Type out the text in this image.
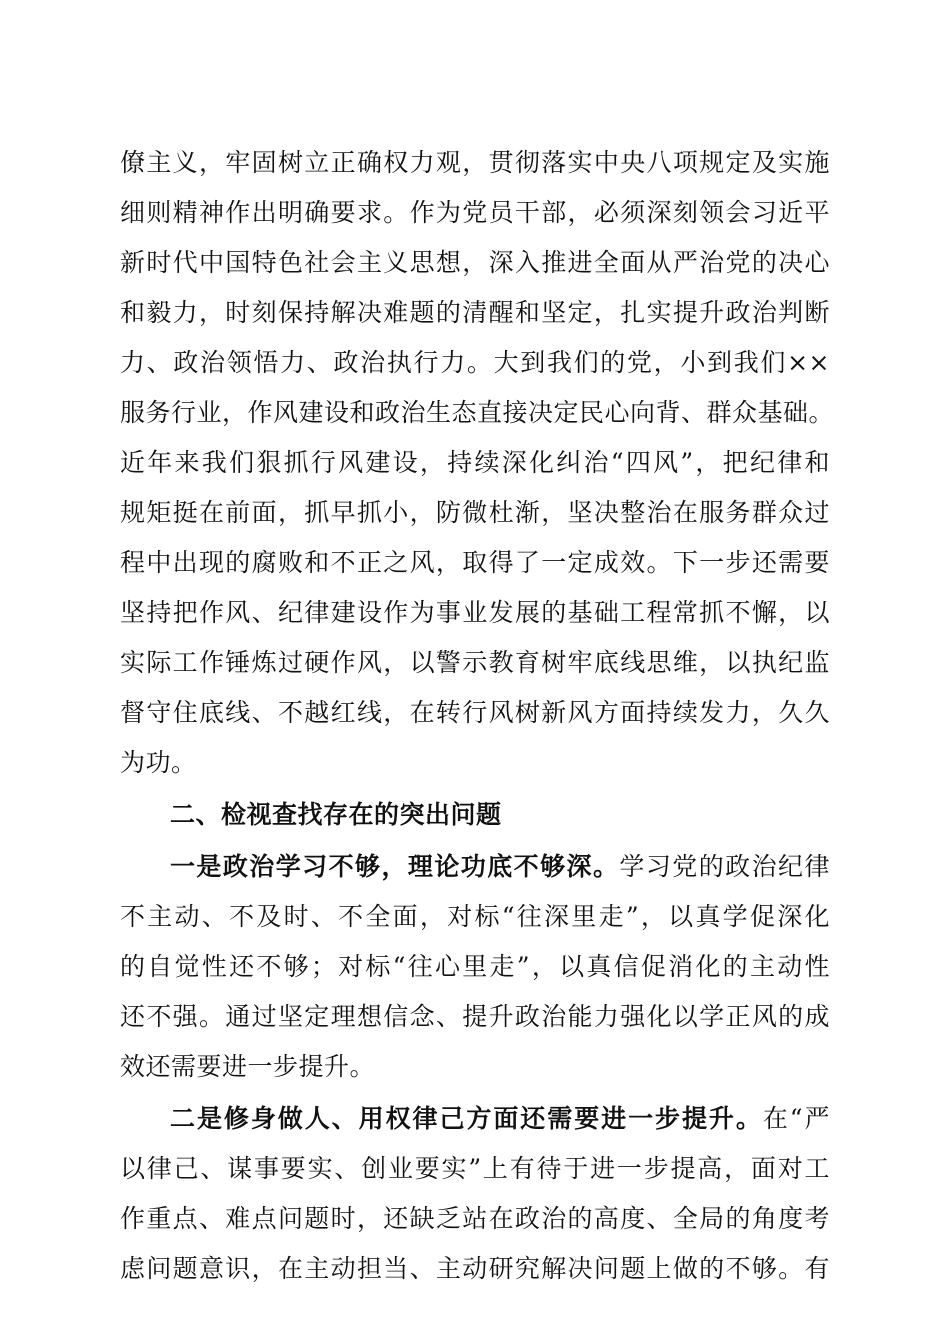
僚主义，牢固树立正确权力观，贯彻落实中央八项规定及实施
细则精神作出明确要求。作为党员干部，必须深刻领会习近平
新时代中国特色社会主义思想，深入推进全面从严治党的决心
和毅力，时刻保持解决难题的清醒和坚定，扎实提升政治判断
力、政治领悟力、政治执行力。大到我们的党，小到我们××
服务行业，作风建设和政治生态直接决定民心向背、群众基础。
近年来我们狠抓行风建设，持续深化纠治“四风”，把纪律和
规矩挺在前面，抓早抓小，防微杜渐，坚决整治在服务群众过
程中出现的腐败和不正之风，取得了一定成效。下一步还需要
坚持把作风、纪律建设作为事业发展的基础工程常抓不懈，以
实际工作锤炼过硬作风，以警示教育树牢底线思维，以执纪监
督守住底线、不越红线，在转行风树新风方面持续发力，久久
为功。
二、检视查找存在的突出问题
一是政治学习不够，理论功底不够深。学习党的政治纪律
不主动、不及时、不全面，对标“往深里走”，以真学促深化
的自觉性还不够；对标“往心里走”，以真信促消化的主动性
还不强。通过坚定理想信念、提升政治能力强化以学正风的成
效还需要进一步提升。
二是修身做人、用权律己方面还需要进一步提升。在“严
以律己、谋事要实、创业要实”上有待于进一步提高，面对工
作重点、难点问题时，还缺乏站在政治的高度、全局的角度考
虑问题意识，在主动担当、主动研究解决问题上做的不够。有
